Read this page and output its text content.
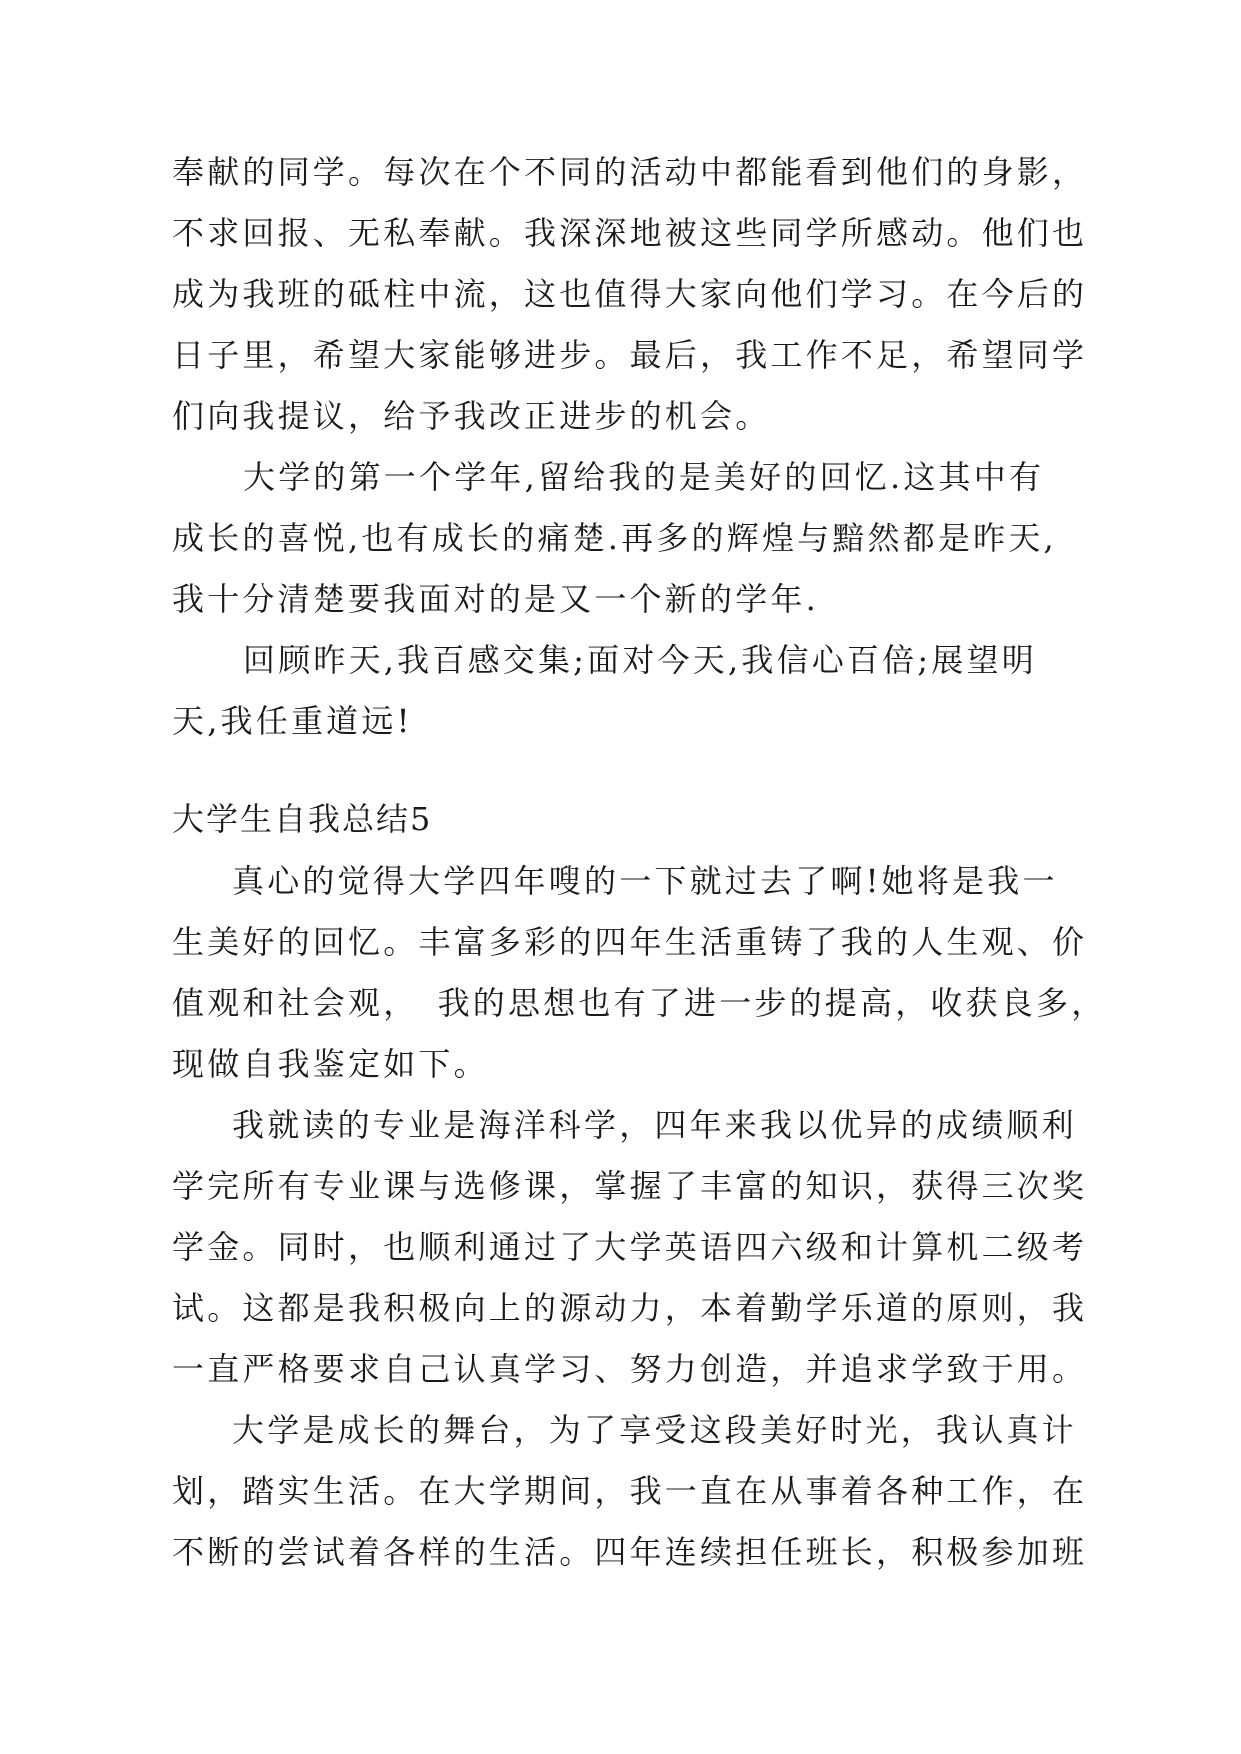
奉献的同学。每次在个不同的活动中都能看到他们的身影，
不求回报、无私奉献。我深深地被这些同学所感动。他们也
成为我班的砥柱中流，这也值得大家向他们学习。在今后的
日子里，希望大家能够进步。最后，我工作不足，希望同学
们向我提议，给予我改正进步的机会。
大学的第一个学年,留给我的是美好的回忆.这其中有
成长的喜悦,也有成长的痛楚.再多的辉煌与黯然都是昨天,
我十分清楚要我面对的是又一个新的学年.
回顾昨天,我百感交集;面对今天,我信心百倍;展望明
天,我任重道远!
大学生自我总结5
真心的觉得大学四年嗖的一下就过去了啊!她将是我一
生美好的回忆。丰富多彩的四年生活重铸了我的人生观、价
值观和社会观，　我的思想也有了进一步的提高，收获良多，
现做自我鉴定如下。
我就读的专业是海洋科学，四年来我以优异的成绩顺利
学完所有专业课与选修课，掌握了丰富的知识，获得三次奖
学金。同时，也顺利通过了大学英语四六级和计算机二级考
试。这都是我积极向上的源动力，本着勤学乐道的原则，我
一直严格要求自己认真学习、努力创造，并追求学致于用。
大学是成长的舞台，为了享受这段美好时光，我认真计
划，踏实生活。在大学期间，我一直在从事着各种工作，在
不断的尝试着各样的生活。四年连续担任班长，积极参加班
